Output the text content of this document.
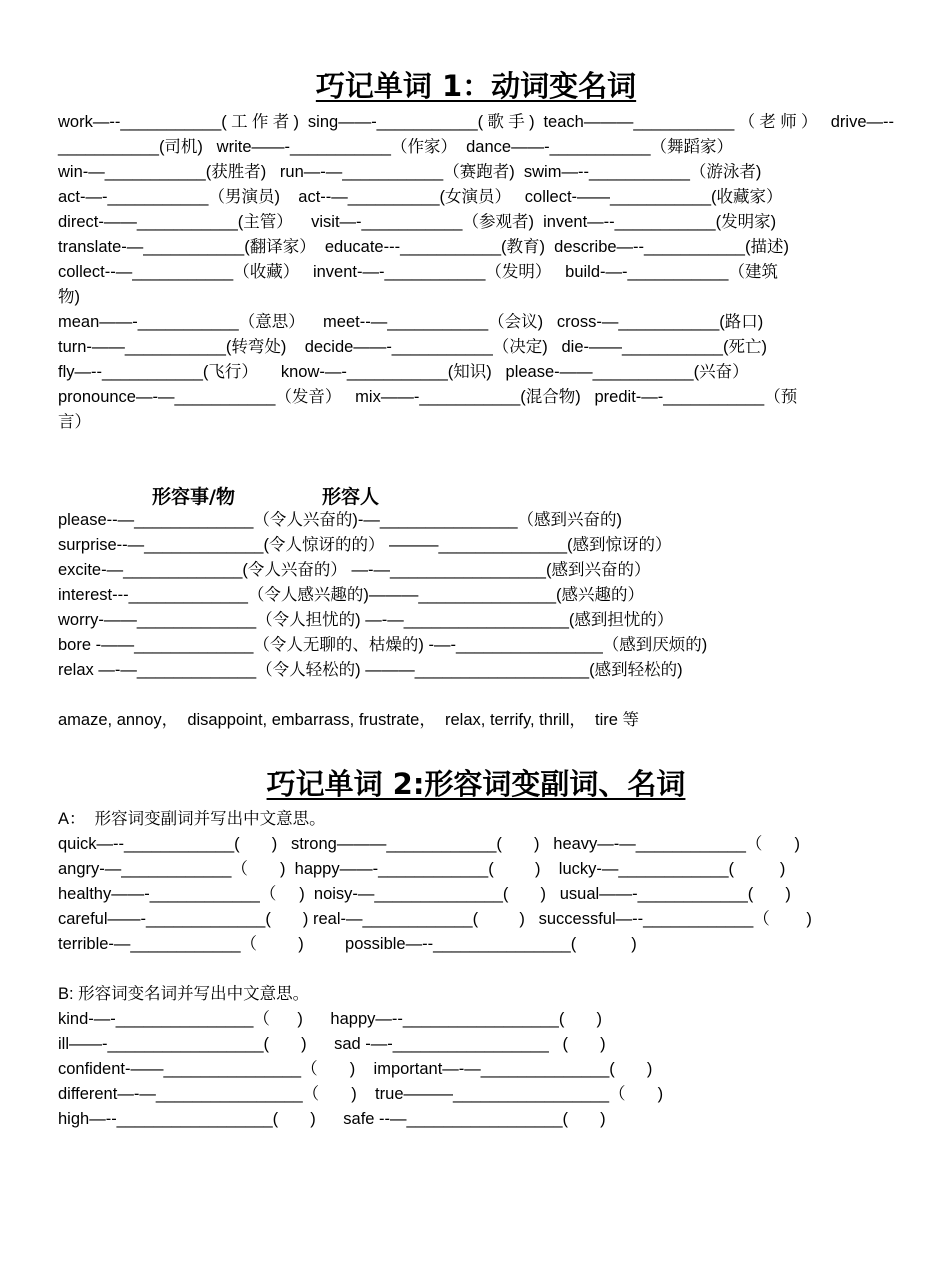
巧记单词 1：动词变名词
work—--___________(工作者) sing——-___________(歌手) teach———___________（老师） drive—--
___________(司机)   write——-___________（作家）  dance——-___________（舞蹈家）
win-—___________(获胜者)   run—-—___________（赛跑者)  swim—--___________（游泳者)
act-—-___________（男演员)    act--—__________(女演员）   collect-——___________(收藏家）
direct-——___________(主管）    visit—-___________（参观者)  invent—--___________(发明家)
translate-—___________(翻译家）  educate---___________(教育)  describe—--___________(描述)
collect--—___________（收藏）   invent-—-___________（发明）   build-—-___________（建筑
物)
mean——-___________（意思）    meet--—___________（会议)   cross-—___________(路口)
turn-——___________(转弯处)    decide——-___________（决定)   die-——___________(死亡)
fly—--___________(飞行）     know-—-___________(知识)   please-——___________(兴奋）
pronounce—-—___________（发音）   mix——-___________(混合物)   predit-—-___________（预
言）
形容事/物	形容人
please--—_____________（令人兴奋的)-—_______________（感到兴奋的)
surprise--—_____________(令人惊讶的的） ———______________(感到惊讶的）
excite-—_____________(令人兴奋的） —-—_________________(感到兴奋的）
interest---_____________（令人感兴趣的)———_______________(感兴趣的）
worry-——_____________（令人担忧的) —-—__________________(感到担忧的）
bore -——_____________（令人无聊的、枯燥的) -—-________________（感到厌烦的)
relax —-—_____________（令人轻松的) ———___________________(感到轻松的)
amaze, annoy，  disappoint, embarrass, frustrate，  relax, terrify, thrill，  tire 等
巧记单词 2:形容词变副词、名词
A：  形容词变副词并写出中文意思。
quick—--____________(       )   strong———____________(       )   heavy—-—____________（       )
angry-—____________（       )  happy——-____________(         )    lucky-—____________(          )
healthy——-____________（     )  noisy-—______________(       )   usual——-____________(       )
careful——-_____________(       ) real-—____________(         )   successful—--____________（        )
terrible-—____________（         )         possible—--_______________(            )
B: 形容词变名词并写出中文意思。
kind-—-_______________（      )      happy—--_________________(       )
ill——-_________________(       )      sad -—-_________________   (       )
confident-——_______________（       )    important—-—______________(       )
different—-—________________（       )    true———_________________（       )
high—--_________________(       )      safe --—_________________(       )
